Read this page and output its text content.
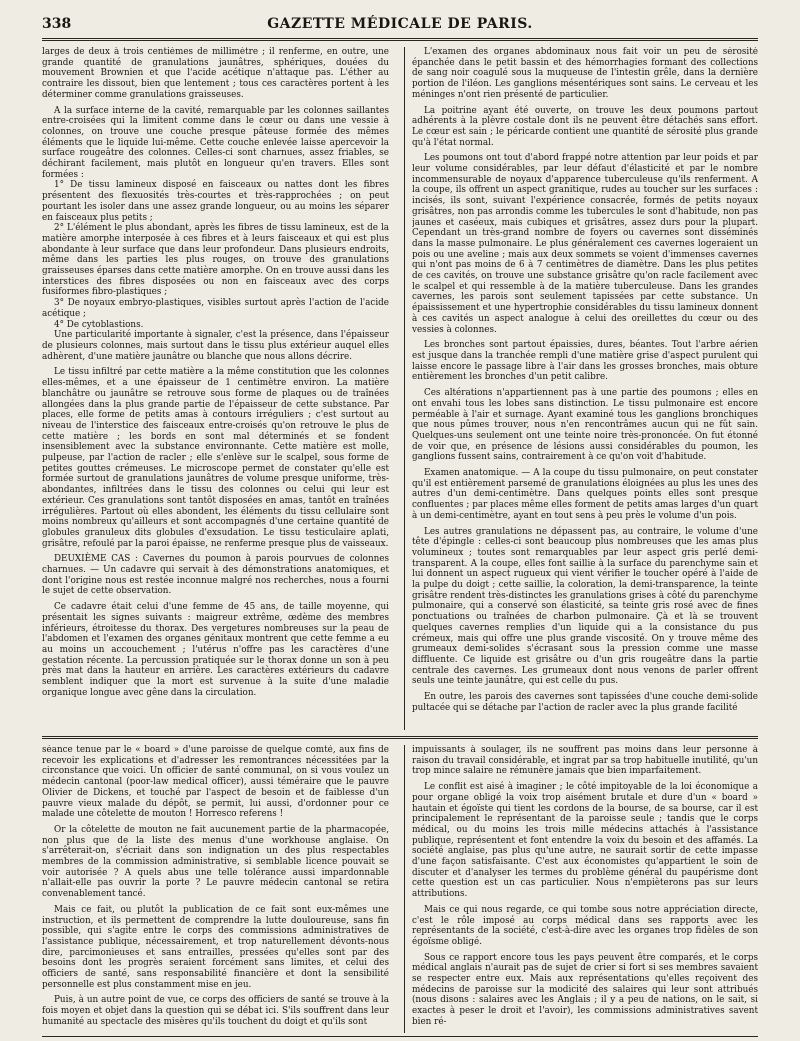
338	GAZETTE MÉDICALE DE PARIS.

larges de deux à trois centièmes de millimètre ; il renferme, en outre, une grande quantité de granulations jaunâtres, sphériques, douées du mouvement Brownien et que l'acide acétique n'attaque pas. L'éther au contraire les dissout, bien que lentement ; tous ces caractères portent à les déterminer comme granulations graisseuses.

A la surface interne de la cavité, remarquable par les colonnes saillantes entre-croisées qui la limitent comme dans le cœur ou dans une vessie à colonnes, on trouve une couche presque pâteuse formée des mêmes éléments que le liquide lui-même. Cette couche enlevée laisse apercevoir la surface rougeâtre des colonnes. Celles-ci sont charnues, assez friables, se déchirant facilement, mais plutôt en longueur qu'en travers. Elles sont formées :

1° De tissu lamineux disposé en faisceaux ou nattes dont les fibres présentent des flexuosités très-courtes et très-rapprochées ; on peut pourtant les isoler dans une assez grande longueur, ou au moins les séparer en faisceaux plus petits ;

2° L'élément le plus abondant, après les fibres de tissu lamineux, est de la matière amorphe interposée à ces fibres et à leurs faisceaux et qui est plus abondante à leur surface que dans leur profondeur. Dans plusieurs endroits, même dans les parties les plus rouges, on trouve des granulations graisseuses éparses dans cette matière amorphe. On en trouve aussi dans les interstices des fibres disposées ou non en faisceaux avec des corps fusiformes fibro-plastiques ;

3° De noyaux embryo-plastiques, visibles surtout après l'action de l'acide acétique ;

4° De cytoblastions.

Une particularité importante à signaler, c'est la présence, dans l'épaisseur de plusieurs colonnes, mais surtout dans le tissu plus extérieur auquel elles adhèrent, d'une matière jaunâtre ou blanche que nous allons décrire.

Le tissu infiltré par cette matière a la même constitution que les colonnes elles-mêmes, et a une épaisseur de 1 centimètre environ. La matière blanchâtre ou jaunâtre se retrouve sous forme de plaques ou de traînées allongées dans la plus grande partie de l'épaisseur de cette substance. Par places, elle forme de petits amas à contours irréguliers ; c'est surtout au niveau de l'interstice des faisceaux entre-croisés qu'on retrouve le plus de cette matière ; les bords en sont mal déterminés et se fondent insensiblement avec la substance environnante. Cette matière est molle, pulpeuse, par l'action de racler ; elle s'enlève sur le scalpel, sous forme de petites gouttes crémeuses. Le microscope permet de constater qu'elle est formée surtout de granulations jaunâtres de volume presque uniforme, très-abondantes, infiltrées dans le tissu des colonnes ou celui qui leur est extérieur. Ces granulations sont tantôt disposées en amas, tantôt en traînées irrégulières. Partout où elles abondent, les éléments du tissu cellulaire sont moins nombreux qu'ailleurs et sont accompagnés d'une certaine quantité de globules granuleux dits globules d'exsudation. Le tissu testiculaire aplati, grisâtre, refoulé par la paroi épaisse, ne renferme presque plus de vaisseaux.

DEUXIÈME CAS : Cavernes du poumon à parois pourvues de colonnes charnues. — Un cadavre qui servait à des démonstrations anatomiques, et dont l'origine nous est restée inconnue malgré nos recherches, nous a fourni le sujet de cette observation.

Ce cadavre était celui d'une femme de 45 ans, de taille moyenne, qui présentait les signes suivants : maigreur extrême, œdème des membres inférieurs, étroitesse du thorax. Des vergetures nombreuses sur la peau de l'abdomen et l'examen des organes génitaux montrent que cette femme a eu au moins un accouchement ; l'utérus n'offre pas les caractères d'une gestation récente. La percussion pratiquée sur le thorax donne un son à peu près mat dans la hauteur en arrière. Les caractères extérieurs du cadavre semblent indiquer que la mort est survenue à la suite d'une maladie organique longue avec gêne dans la circulation.

L'examen des organes abdominaux nous fait voir un peu de sérosité épanchée dans le petit bassin et des hémorrhagies formant des collections de sang noir coagulé sous la muqueuse de l'intestin grêle, dans la dernière portion de l'iléon. Les ganglions mésentériques sont sains. Le cerveau et les méninges n'ont rien présenté de particulier.

La poitrine ayant été ouverte, on trouve les deux poumons partout adhérents à la plèvre costale dont ils ne peuvent être détachés sans effort. Le cœur est sain ; le péricarde contient une quantité de sérosité plus grande qu'à l'état normal.

Les poumons ont tout d'abord frappé notre attention par leur poids et par leur volume considérables, par leur défaut d'élasticité et par le nombre incommensurable de noyaux d'apparence tuberculeuse qu'ils renferment. A la coupe, ils offrent un aspect granitique, rudes au toucher sur les surfaces : incisés, ils sont, suivant l'expérience consacrée, formés de petits noyaux grisâtres, non pas arrondis comme les tubercules le sont d'habitude, non pas jaunes et caséeux, mais cubiques et grisâtres, assez durs pour la plupart. Cependant un très-grand nombre de foyers ou cavernes sont disséminés dans la masse pulmonaire. Le plus généralement ces cavernes logeraient un pois ou une aveline ; mais aux deux sommets se voient d'immenses cavernes qui n'ont pas moins de 6 à 7 centimètres de diamètre. Dans les plus petites de ces cavités, on trouve une substance grisâtre qu'on racle facilement avec le scalpel et qui ressemble à de la matière tuberculeuse. Dans les grandes cavernes, les parois sont seulement tapissées par cette substance. Un épaississement et une hypertrophie considérables du tissu lamineux donnent à ces cavités un aspect analogue à celui des oreillettes du cœur ou des vessies à colonnes.

Les bronches sont partout épaissies, dures, béantes. Tout l'arbre aérien est jusque dans la tranchée rempli d'une matière grise d'aspect purulent qui laisse encore le passage libre à l'air dans les grosses bronches, mais obture entièrement les bronches d'un petit calibre.

Ces altérations n'appartiennent pas à une partie des poumons ; elles en ont envahi tous les lobes sans distinction. Le tissu pulmonaire est encore perméable à l'air et surnage. Ayant examiné tous les ganglions bronchiques que nous pûmes trouver, nous n'en rencontrâmes aucun qui ne fût sain. Quelques-uns seulement ont une teinte noire très-prononcée. On fut étonné de voir que, en présence de lésions aussi considérables du poumon, les ganglions fussent sains, contrairement à ce qu'on voit d'habitude.

Examen anatomique. — A la coupe du tissu pulmonaire, on peut constater qu'il est entièrement parsemé de granulations éloignées au plus les unes des autres d'un demi-centimètre. Dans quelques points elles sont presque confluentes ; par places même elles forment de petits amas larges d'un quart à un demi-centimètre, ayant en tout sens à peu près le volume d'un pois.

Les autres granulations ne dépassent pas, au contraire, le volume d'une tête d'épingle : celles-ci sont beaucoup plus nombreuses que les amas plus volumineux ; toutes sont remarquables par leur aspect gris perlé demi-transparent. A la coupe, elles font saillie à la surface du parenchyme sain et lui donnent un aspect rugueux qui vient vérifier le toucher opéré à l'aide de la pulpe du doigt ; cette saillie, la coloration, la demi-transparence, la teinte grisâtre rendent très-distinctes les granulations grises à côté du parenchyme pulmonaire, qui a conservé son élasticité, sa teinte gris rosé avec de fines ponctuations ou traînées de charbon pulmonaire. Çà et là se trouvent quelques cavernes remplies d'un liquide qui a la consistance du pus crémeux, mais qui offre une plus grande viscosité. On y trouve même des grumeaux demi-solides s'écrasant sous la pression comme une masse diffluente. Ce liquide est grisâtre ou d'un gris rougeâtre dans la partie centrale des cavernes. Les grumeaux dont nous venons de parler offrent seuls une teinte jaunâtre, qui est celle du pus.

En outre, les parois des cavernes sont tapissées d'une couche demi-solide pultacée qui se détache par l'action de racler avec la plus grande facilité

séance tenue par le « board » d'une paroisse de quelque comté, aux fins de recevoir les explications et d'adresser les remontrances nécessitées par la circonstance que voici. Un officier de santé communal, on si vous voulez un médecin cantonal (poor-law medical officer), aussi téméraire que le pauvre Olivier de Dickens, et touché par l'aspect de besoin et de faiblesse d'un pauvre vieux malade du dépôt, se permit, lui aussi, d'ordonner pour ce malade une côtelette de mouton ! Horresco referens !

Or la côtelette de mouton ne fait aucunement partie de la pharmacopée, non plus que de la liste des menus d'une workhouse anglaise. On s'arrêterait-on, s'écriait dans son indignation un des plus respectables membres de la commission administrative, si semblable licence pouvait se voir autorisée ? A quels abus une telle tolérance aussi impardonnable n'allait-elle pas ouvrir la porte ? Le pauvre médecin cantonal se retira convenablement tancé.

Mais ce fait, ou plutôt la publication de ce fait sont eux-mêmes une instruction, et ils permettent de comprendre la lutte douloureuse, sans fin possible, qui s'agite entre le corps des commissions administratives de l'assistance publique, nécessairement, et trop naturellement dévonts-nous dire, parcimonieuses et sans entrailles, pressées qu'elles sont par des besoins dont les progrès seraient forcément sans limites, et celui des officiers de santé, sans responsabilité financière et dont la sensibilité personnelle est plus constamment mise en jeu.

Puis, à un autre point de vue, ce corps des officiers de santé se trouve à la fois moyen et objet dans la question qui se débat ici. S'ils souffrent dans leur humanité au spectacle des misères qu'ils touchent du doigt et qu'ils sont

impuissants à soulager, ils ne souffrent pas moins dans leur personne à raison du travail considérable, et ingrat par sa trop habituelle inutilité, qu'un trop mince salaire ne rémunère jamais que bien imparfaitement.

Le conflit est aisé à imaginer ; le côté impitoyable de la loi économique a pour organe obligé la voix trop aisément brutale et dure d'un « board » hautain et égoïste qui tient les cordons de la bourse, de sa bourse, car il est principalement le représentant de la paroisse seule ; tandis que le corps médical, ou du moins les trois mille médecins attachés à l'assistance publique, représentent et font entendre la voix du besoin et des affamés. La société anglaise, pas plus qu'une autre, ne saurait sortir de cette impasse d'une façon satisfaisante. C'est aux économistes qu'appartient le soin de discuter et d'analyser les termes du problème général du paupérisme dont cette question est un cas particulier. Nous n'empièterons pas sur leurs attributions.

Mais ce qui nous regarde, ce qui tombe sous notre appréciation directe, c'est le rôle imposé au corps médical dans ses rapports avec les représentants de la société, c'est-à-dire avec les organes trop fidèles de son égoïsme obligé.

Sous ce rapport encore tous les pays peuvent être comparés, et le corps médical anglais n'aurait pas de sujet de crier si fort si ses membres savaient se respecter entre eux. Mais aux représentations qu'elles reçoivent des médecins de paroisse sur la modicité des salaires qui leur sont attribués (nous disons : salaires avec les Anglais ; il y a peu de nations, on le sait, si exactes à peser le droit et l'avoir), les commissions administratives savent bien ré-
